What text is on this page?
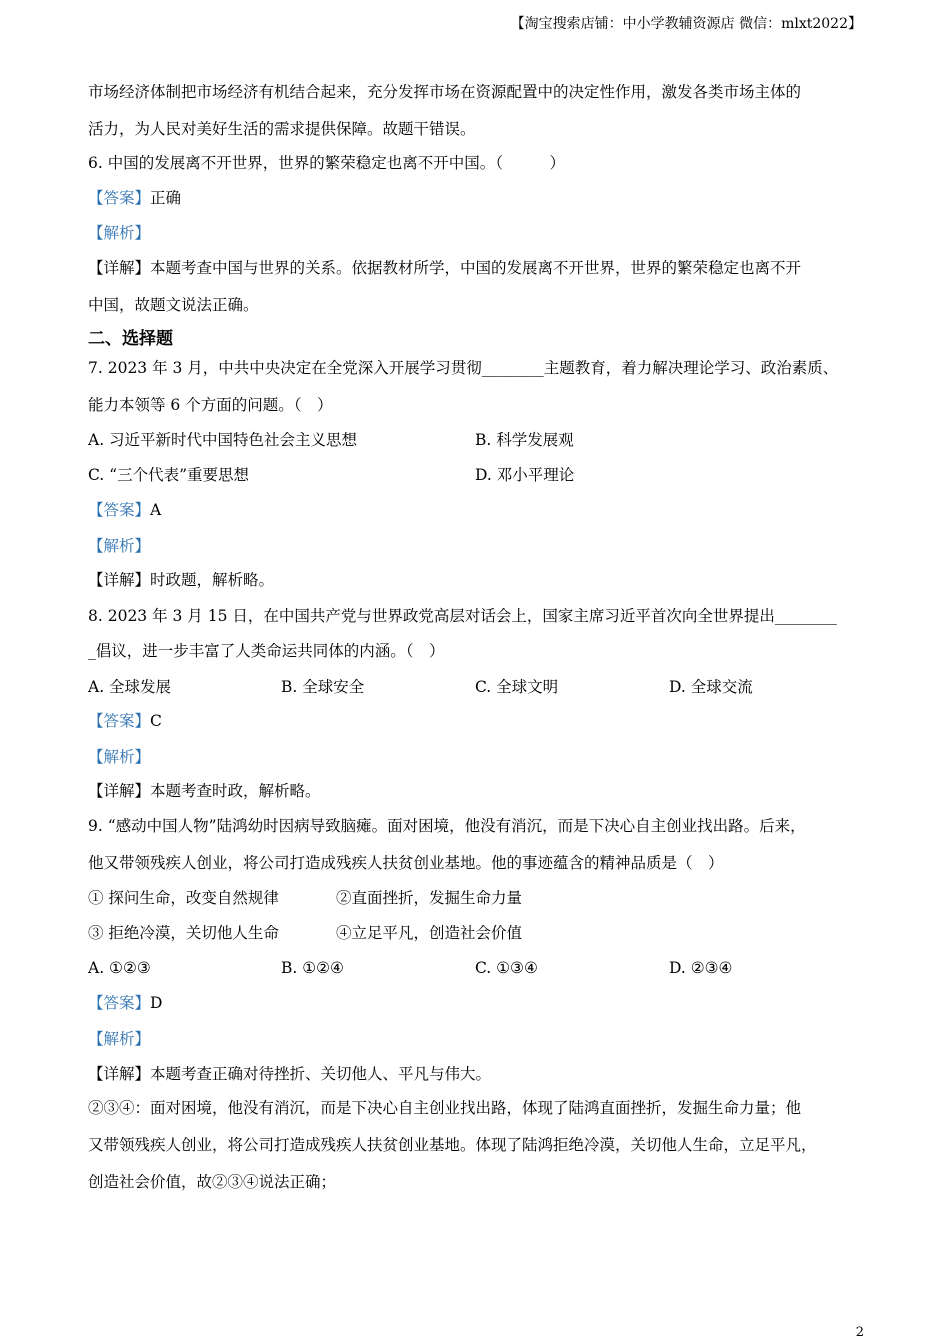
【淘宝搜索店铺：中小学教辅资源店 微信：mlxt2022】
市场经济体制把市场经济有机结合起来，充分发挥市场在资源配置中的决定性作用，激发各类市场主体的
活力，为人民对美好生活的需求提供保障。故题干错误。
6. 中国的发展离不开世界，世界的繁荣稳定也离不开中国。（　　　）
【答案】正确
【解析】
【详解】本题考查中国与世界的关系。依据教材所学，中国的发展离不开世界，世界的繁荣稳定也离不开
中国，故题文说法正确。
二、选择题
7. 2023 年 3 月，中共中央决定在全党深入开展学习贯彻________主题教育，着力解决理论学习、政治素质、
能力本领等 6 个方面的问题。（　）
A. 习近平新时代中国特色社会主义思想	B. 科学发展观
C. “三个代表”重要思想	D. 邓小平理论
【答案】A
【解析】
【详解】时政题，解析略。
8. 2023 年 3 月 15 日，在中国共产党与世界政党高层对话会上，国家主席习近平首次向全世界提出________
_倡议，进一步丰富了人类命运共同体的内涵。（　）
A. 全球发展	B. 全球安全	C. 全球文明	D. 全球交流
【答案】C
【解析】
【详解】本题考查时政，解析略。
9. “感动中国人物”陆鸿幼时因病导致脑瘫。面对困境，他没有消沉，而是下决心自主创业找出路。后来，
他又带领残疾人创业，将公司打造成残疾人扶贫创业基地。他的事迹蕴含的精神品质是（　）
① 探问生命，改变自然规律	②直面挫折，发掘生命力量
③ 拒绝冷漠，关切他人生命	④立足平凡，创造社会价值
A. ①②③	B. ①②④	C. ①③④	D. ②③④
【答案】D
【解析】
【详解】本题考查正确对待挫折、关切他人、平凡与伟大。
②③④：面对困境，他没有消沉，而是下决心自主创业找出路，体现了陆鸿直面挫折，发掘生命力量；他
又带领残疾人创业，将公司打造成残疾人扶贫创业基地。体现了陆鸿拒绝冷漠，关切他人生命，立足平凡，
创造社会价值，故②③④说法正确；
2
